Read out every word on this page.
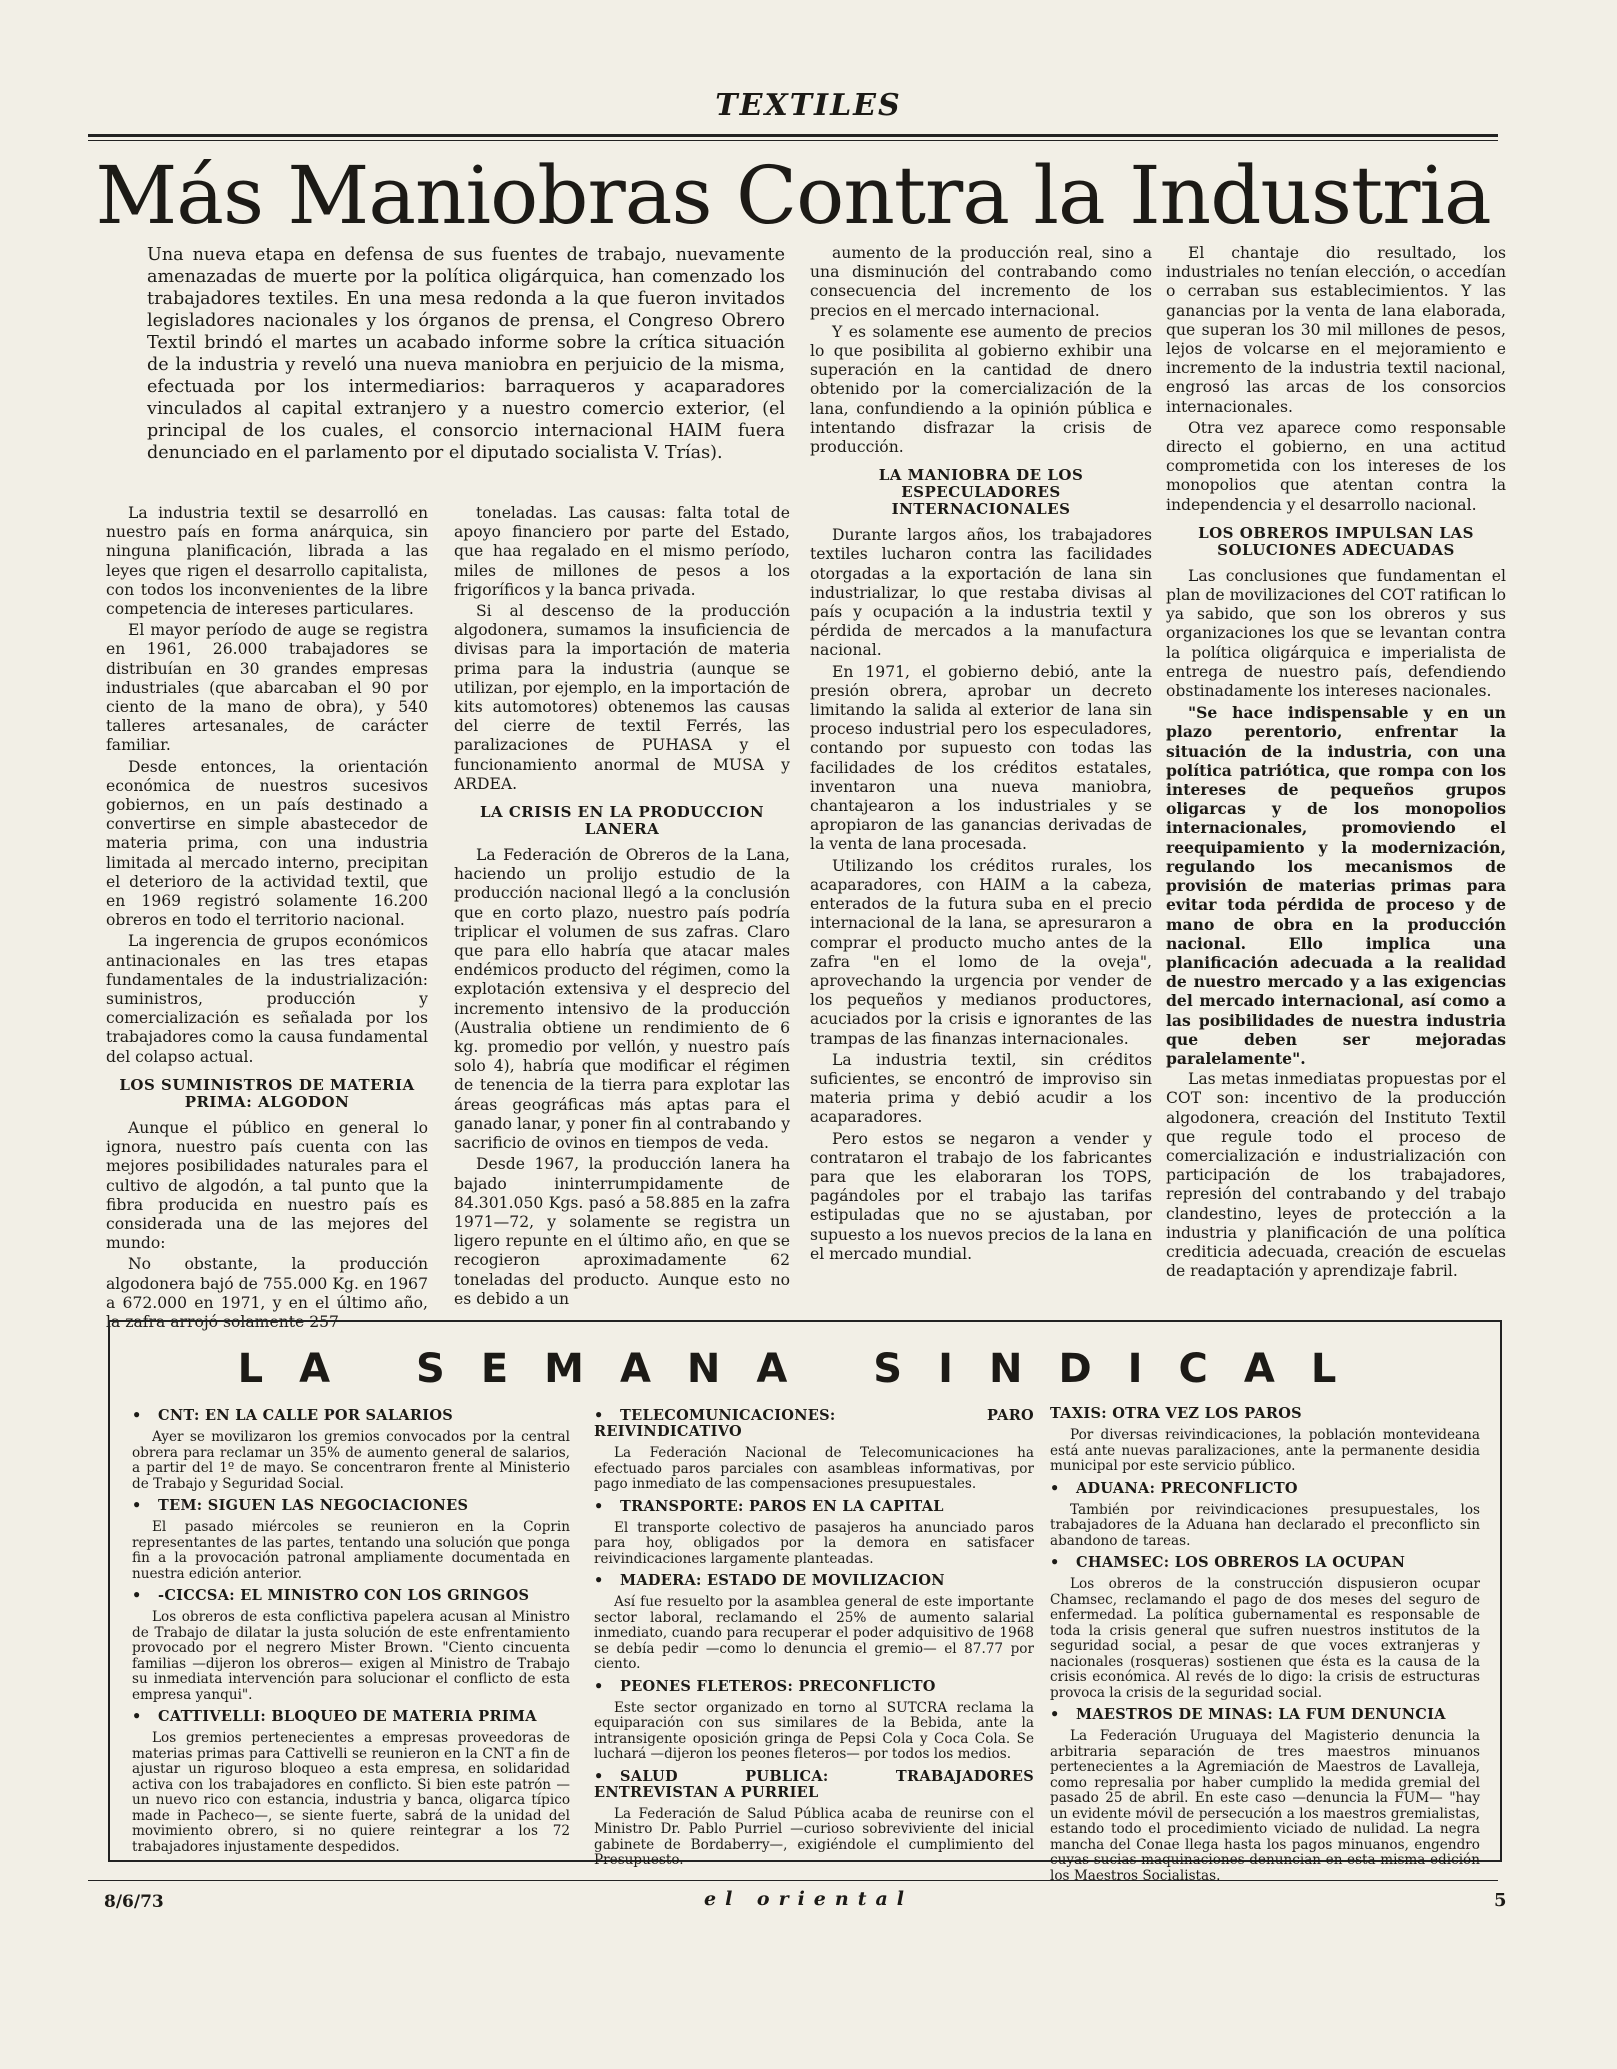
TEXTILES
Más Maniobras Contra la Industria

Una nueva etapa en defensa de sus fuentes de trabajo, nuevamente amenazadas de muerte por la política oligárquica, han comenzado los trabajadores textiles. En una mesa redonda a la que fueron invitados legisladores nacionales y los órganos de prensa, el Congreso Obrero Textil brindó el martes un acabado informe sobre la crítica situación de la industria y reveló una nueva maniobra en perjuicio de la misma, efectuada por los intermediarios: barraqueros y acaparadores vinculados al capital extranjero y a nuestro comercio exterior, (el principal de los cuales, el consorcio internacional HAIM fuera denunciado en el parlamento por el diputado socialista V. Trías).

La industria textil se desarrolló en nuestro país en forma anárquica, sin ninguna planificación, librada a las leyes que rigen el desarrollo capitalista, con todos los inconvenientes de la libre competencia de intereses particulares.

El mayor período de auge se registra en 1961, 26.000 trabajadores se distribuían en 30 grandes empresas industriales (que abarcaban el 90 por ciento de la mano de obra), y 540 talleres artesanales, de carácter familiar.

Desde entonces, la orientación económica de nuestros sucesivos gobiernos, en un país destinado a convertirse en simple abastecedor de materia prima, con una industria limitada al mercado interno, precipitan el deterioro de la actividad textil, que en 1969 registró solamente 16.200 obreros en todo el territorio nacional.

La ingerencia de grupos económicos antinacionales en las tres etapas fundamentales de la industrialización: suministros, producción y comercialización es señalada por los trabajadores como la causa fundamental del colapso actual.

LOS SUMINISTROS DE MATERIA PRIMA: ALGODON

Aunque el público en general lo ignora, nuestro país cuenta con las mejores posibilidades naturales para el cultivo de algodón, a tal punto que la fibra producida en nuestro país es considerada una de las mejores del mundo:

No obstante, la producción algodonera bajó de 755.000 Kg. en 1967 a 672.000 en 1971, y en el último año, la zafra arrojó solamente 257

toneladas. Las causas: falta total de apoyo financiero por parte del Estado, que haa regalado en el mismo período, miles de millones de pesos a los frigoríficos y la banca privada.

Si al descenso de la producción algodonera, sumamos la insuficiencia de divisas para la importación de materia prima para la industria (aunque se utilizan, por ejemplo, en la importación de kits automotores) obtenemos las causas del cierre de textil Ferrés, las paralizaciones de PUHASA y el funcionamiento anormal de MUSA y ARDEA.

LA CRISIS EN LA PRODUCCION LANERA

La Federación de Obreros de la Lana, haciendo un prolijo estudio de la producción nacional llegó a la conclusión que en corto plazo, nuestro país podría triplicar el volumen de sus zafras. Claro que para ello habría que atacar males endémicos producto del régimen, como la explotación extensiva y el desprecio del incremento intensivo de la producción (Australia obtiene un rendimiento de 6 kg. promedio por vellón, y nuestro país solo 4), habría que modificar el régimen de tenencia de la tierra para explotar las áreas geográficas más aptas para el ganado lanar, y poner fin al contrabando y sacrificio de ovinos en tiempos de veda.

Desde 1967, la producción lanera ha bajado ininterrumpidamente de 84.301.050 Kgs. pasó a 58.885 en la zafra 1971—72, y solamente se registra un ligero repunte en el último año, en que se recogieron aproximadamente 62 toneladas del producto. Aunque esto no es debido a un

aumento de la producción real, sino a una disminución del contrabando como consecuencia del incremento de los precios en el mercado internacional.

Y es solamente ese aumento de precios lo que posibilita al gobierno exhibir una superación en la cantidad de dnero obtenido por la comercialización de la lana, confundiendo a la opinión pública e intentando disfrazar la crisis de producción.

LA MANIOBRA DE LOS ESPECULADORES INTERNACIONALES

Durante largos años, los trabajadores textiles lucharon contra las facilidades otorgadas a la exportación de lana sin industrializar, lo que restaba divisas al país y ocupación a la industria textil y pérdida de mercados a la manufactura nacional.

En 1971, el gobierno debió, ante la presión obrera, aprobar un decreto limitando la salida al exterior de lana sin proceso industrial pero los especuladores, contando por supuesto con todas las facilidades de los créditos estatales, inventaron una nueva maniobra, chantajearon a los industriales y se apropiaron de las ganancias derivadas de la venta de lana procesada.

Utilizando los créditos rurales, los acaparadores, con HAIM a la cabeza, enterados de la futura suba en el precio internacional de la lana, se apresuraron a comprar el producto mucho antes de la zafra "en el lomo de la oveja", aprovechando la urgencia por vender de los pequeños y medianos productores, acuciados por la crisis e ignorantes de las trampas de las finanzas internacionales.

La industria textil, sin créditos suficientes, se encontró de improviso sin materia prima y debió acudir a los acaparadores.

Pero estos se negaron a vender y contrataron el trabajo de los fabricantes para que les elaboraran los TOPS, pagándoles por el trabajo las tarifas estipuladas que no se ajustaban, por supuesto a los nuevos precios de la lana en el mercado mundial.

El chantaje dio resultado, los industriales no tenían elección, o accedían o cerraban sus establecimientos. Y las ganancias por la venta de lana elaborada, que superan los 30 mil millones de pesos, lejos de volcarse en el mejoramiento e incremento de la industria textil nacional, engrosó las arcas de los consorcios internacionales.

Otra vez aparece como responsable directo el gobierno, en una actitud comprometida con los intereses de los monopolios que atentan contra la independencia y el desarrollo nacional.

LOS OBREROS IMPULSAN LAS SOLUCIONES ADECUADAS

Las conclusiones que fundamentan el plan de movilizaciones del COT ratifican lo ya sabido, que son los obreros y sus organizaciones los que se levantan contra la política oligárquica e imperialista de entrega de nuestro país, defendiendo obstinadamente los intereses nacionales.

"Se hace indispensable y en un plazo perentorio, enfrentar la situación de la industria, con una política patriótica, que rompa con los intereses de pequeños grupos oligarcas y de los monopolios internacionales, promoviendo el reequipamiento y la modernización, regulando los mecanismos de provisión de materias primas para evitar toda pérdida de proceso y de mano de obra en la producción nacional. Ello implica una planificación adecuada a la realidad de nuestro mercado y a las exigencias del mercado internacional, así como a las posibilidades de nuestra industria que deben ser mejoradas paralelamente".

Las metas inmediatas propuestas por el COT son: incentivo de la producción algodonera, creación del Instituto Textil que regule todo el proceso de comercialización e industrialización con participación de los trabajadores, represión del contrabando y del trabajo clandestino, leyes de protección a la industria y planificación de una política crediticia adecuada, creación de escuelas de readaptación y aprendizaje fabril.

LA SEMANA SINDICAL
• CNT: EN LA CALLE POR SALARIOS

Ayer se movilizaron los gremios convocados por la central obrera para reclamar un 35% de aumento general de salarios, a partir del 1º de mayo. Se concentraron frente al Ministerio de Trabajo y Seguridad Social.

• TEM: SIGUEN LAS NEGOCIACIONES

El pasado miércoles se reunieron en la Coprin representantes de las partes, tentando una solución que ponga fin a la provocación patronal ampliamente documentada en nuestra edición anterior.

• -CICCSA: EL MINISTRO CON LOS GRINGOS

Los obreros de esta conflictiva papelera acusan al Ministro de Trabajo de dilatar la justa solución de este enfrentamiento provocado por el negrero Mister Brown. "Ciento cincuenta familias —dijeron los obreros— exigen al Ministro de Trabajo su inmediata intervención para solucionar el conflicto de esta empresa yanqui".

• CATTIVELLI: BLOQUEO DE MATERIA PRIMA

Los gremios pertenecientes a empresas proveedoras de materias primas para Cattivelli se reunieron en la CNT a fin de ajustar un riguroso bloqueo a esta empresa, en solidaridad activa con los trabajadores en conflicto. Si bien este patrón —un nuevo rico con estancia, industria y banca, oligarca típico made in Pacheco—, se siente fuerte, sabrá de la unidad del movimiento obrero, si no quiere reintegrar a los 72 trabajadores injustamente despedidos.

• TELECOMUNICACIONES: PARO REIVINDICATIVO

La Federación Nacional de Telecomunicaciones ha efectuado paros parciales con asambleas informativas, por pago inmediato de las compensaciones presupuestales.

• TRANSPORTE: PAROS EN LA CAPITAL

El transporte colectivo de pasajeros ha anunciado paros para hoy, obligados por la demora en satisfacer reivindicaciones largamente planteadas.

• MADERA: ESTADO DE MOVILIZACION

Así fue resuelto por la asamblea general de este importante sector laboral, reclamando el 25% de aumento salarial inmediato, cuando para recuperar el poder adquisitivo de 1968 se debía pedir —como lo denuncia el gremio— el 87.77 por ciento.

• PEONES FLETEROS: PRECONFLICTO

Este sector organizado en torno al SUTCRA reclama la equiparación con sus similares de la Bebida, ante la intransigente oposición gringa de Pepsi Cola y Coca Cola. Se luchará —dijeron los peones fleteros— por todos los medios.

• SALUD PUBLICA: TRABAJADORES ENTREVISTAN A PURRIEL

La Federación de Salud Pública acaba de reunirse con el Ministro Dr. Pablo Purriel —curioso sobreviviente del inicial gabinete de Bordaberry—, exigiéndole el cumplimiento del Presupuesto.

TAXIS: OTRA VEZ LOS PAROS

Por diversas reivindicaciones, la población montevideana está ante nuevas paralizaciones, ante la permanente desidia municipal por este servicio público.

• ADUANA: PRECONFLICTO

También por reivindicaciones presupuestales, los trabajadores de la Aduana han declarado el preconflicto sin abandono de tareas.

• CHAMSEC: LOS OBREROS LA OCUPAN

Los obreros de la construcción dispusieron ocupar Chamsec, reclamando el pago de dos meses del seguro de enfermedad. La política gubernamental es responsable de toda la crisis general que sufren nuestros institutos de la seguridad social, a pesar de que voces extranjeras y nacionales (rosqueras) sostienen que ésta es la causa de la crisis económica. Al revés de lo digo: la crisis de estructuras provoca la crisis de la seguridad social.

• MAESTROS DE MINAS: LA FUM DENUNCIA

La Federación Uruguaya del Magisterio denuncia la arbitraria separación de tres maestros minuanos pertenecientes a la Agremiación de Maestros de Lavalleja, como represalia por haber cumplido la medida gremial del pasado 25 de abril. En este caso —denuncia la FUM— "hay un evidente móvil de persecución a los maestros gremialistas, estando todo el procedimiento viciado de nulidad. La negra mancha del Conae llega hasta los pagos minuanos, engendro cuyas sucias maquinaciones denuncian en esta misma edición los Maestros Socialistas.

8/6/73	el oriental	5
